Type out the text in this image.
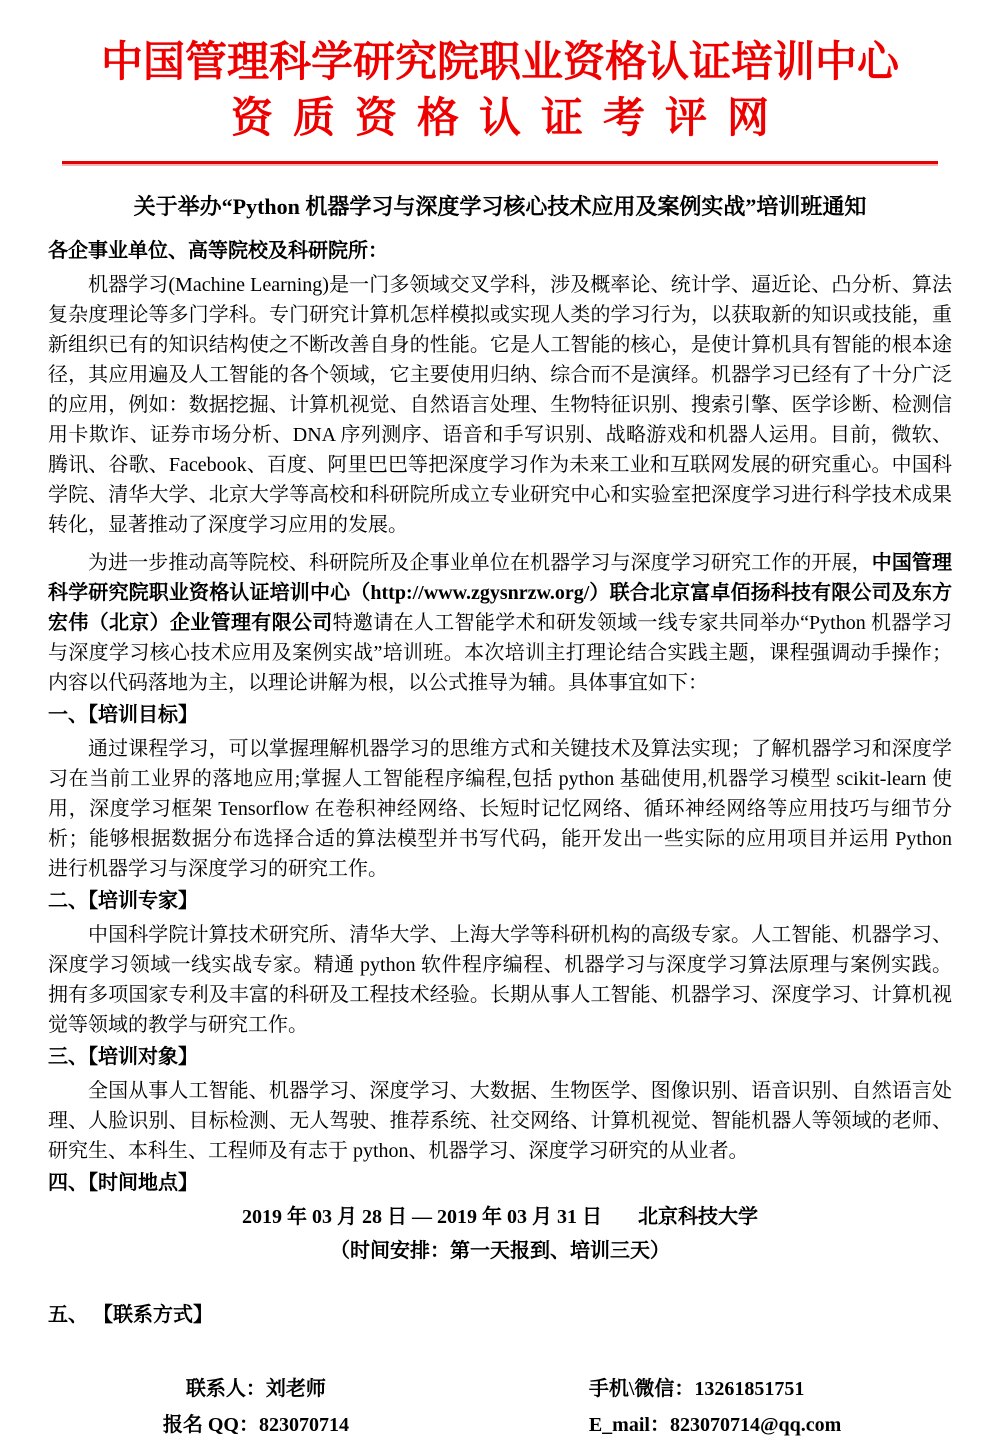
中国管理科学研究院职业资格认证培训中心
资质资格认证考评网
关于举办“Python 机器学习与深度学习核心技术应用及案例实战”培训班通知
各企事业单位、高等院校及科研院所：

机器学习(Machine Learning)是一门多领域交叉学科，涉及概率论、统计学、逼近论、凸分析、算法复杂度理论等多门学科。专门研究计算机怎样模拟或实现人类的学习行为，以获取新的知识或技能，重新组织已有的知识结构使之不断改善自身的性能。它是人工智能的核心，是使计算机具有智能的根本途径，其应用遍及人工智能的各个领域，它主要使用归纳、综合而不是演绎。机器学习已经有了十分广泛的应用，例如：数据挖掘、计算机视觉、自然语言处理、生物特征识别、搜索引擎、医学诊断、检测信用卡欺诈、证券市场分析、DNA 序列测序、语音和手写识别、战略游戏和机器人运用。目前，微软、腾讯、谷歌、Facebook、百度、阿里巴巴等把深度学习作为未来工业和互联网发展的研究重心。中国科学院、清华大学、北京大学等高校和科研院所成立专业研究中心和实验室把深度学习进行科学技术成果转化，显著推动了深度学习应用的发展。

为进一步推动高等院校、科研院所及企事业单位在机器学习与深度学习研究工作的开展，中国管理科学研究院职业资格认证培训中心（http://www.zgysnrzw.org/）联合北京富卓佰扬科技有限公司及东方宏伟（北京）企业管理有限公司特邀请在人工智能学术和研发领域一线专家共同举办“Python 机器学习与深度学习核心技术应用及案例实战”培训班。本次培训主打理论结合实践主题，课程强调动手操作；内容以代码落地为主，以理论讲解为根，以公式推导为辅。具体事宜如下：

一、【培训目标】

通过课程学习，可以掌握理解机器学习的思维方式和关键技术及算法实现；了解机器学习和深度学习在当前工业界的落地应用;掌握人工智能程序编程,包括 python 基础使用,机器学习模型 scikit-learn 使用，深度学习框架 Tensorflow 在卷积神经网络、长短时记忆网络、循环神经网络等应用技巧与细节分析；能够根据数据分布选择合适的算法模型并书写代码，能开发出一些实际的应用项目并运用 Python 进行机器学习与深度学习的研究工作。

二、【培训专家】

中国科学院计算技术研究所、清华大学、上海大学等科研机构的高级专家。人工智能、机器学习、深度学习领域一线实战专家。精通 python 软件程序编程、机器学习与深度学习算法原理与案例实践。拥有多项国家专利及丰富的科研及工程技术经验。长期从事人工智能、机器学习、深度学习、计算机视觉等领域的教学与研究工作。

三、【培训对象】

全国从事人工智能、机器学习、深度学习、大数据、生物医学、图像识别、语音识别、自然语言处理、人脸识别、目标检测、无人驾驶、推荐系统、社交网络、计算机视觉、智能机器人等领域的老师、研究生、本科生、工程师及有志于 python、机器学习、深度学习研究的从业者。

四、【时间地点】
2019 年 03 月 28 日 — 2019 年 03 月 31 日 北京科技大学
（时间安排：第一天报到、培训三天）
五、 【联系方式】
联系人：刘老师	手机\微信：13261851751
报名 QQ：823070714	E_mail：823070714@qq.com
